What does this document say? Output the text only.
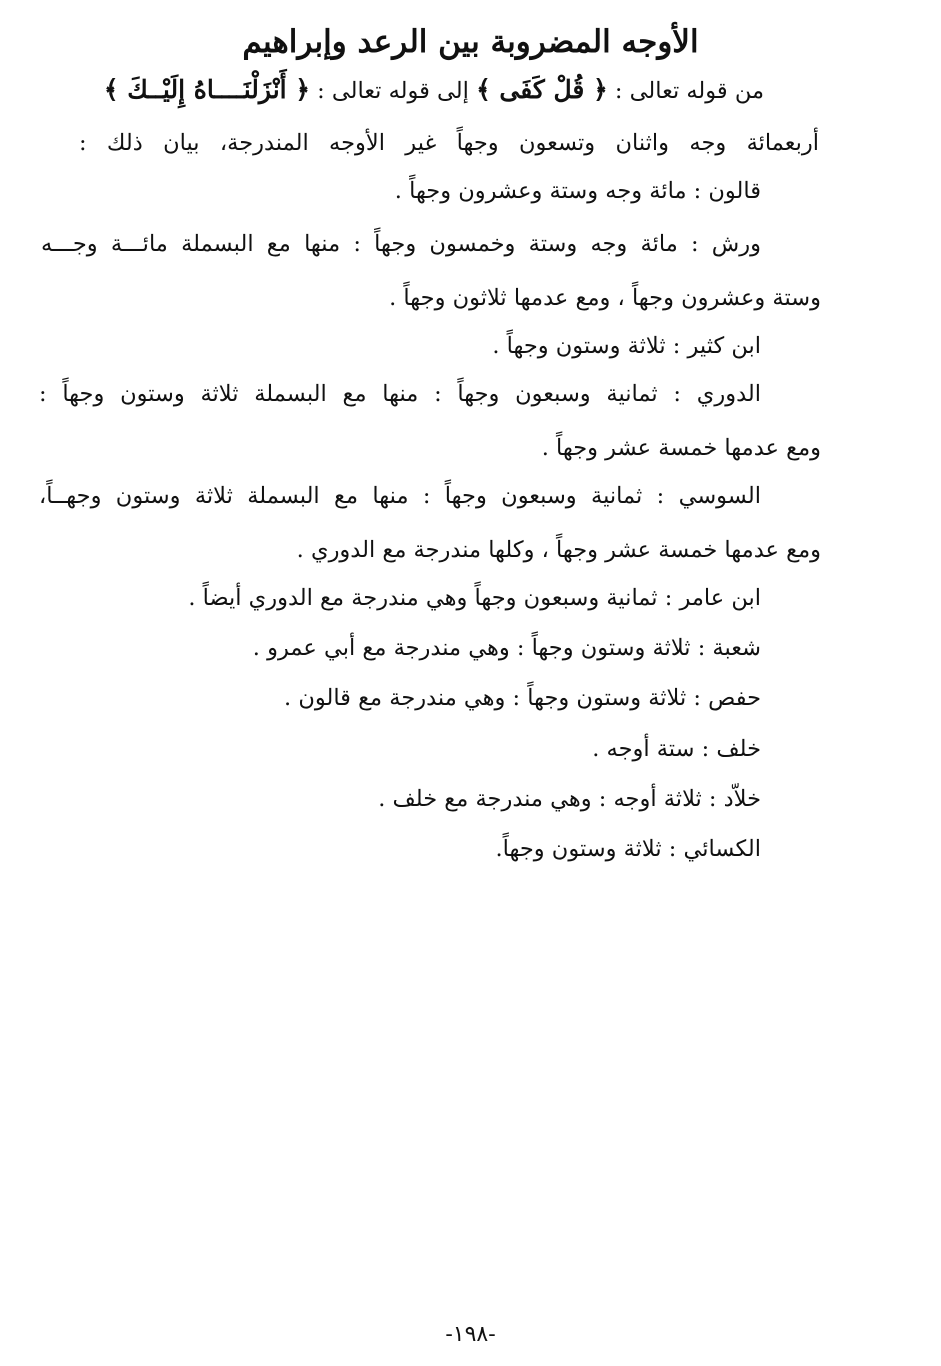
الأوجه المضروبة بين الرعد وإبراهيم

من قوله تعالى : ﴿ قُلْ كَفَى ﴾ إلى قوله تعالى : ﴿ أَنْزَلْنَــــاهُ إِلَيْــكَ ﴾

أربعمائة وجه واثنان وتسعون وجهاً غير الأوجه المندرجة، بيان ذلك :

قالون : مائة وجه وستة وعشرون وجهاً .

ورش : مائة وجه وستة وخمسون وجهاً : منها مع البسملة مائـــة وجـــه

وستة وعشرون وجهاً ، ومع عدمها ثلاثون وجهاً .

ابن كثير : ثلاثة وستون وجهاً .

الدوري : ثمانية وسبعون وجهاً : منها مع البسملة ثلاثة وستون وجهاً :

ومع عدمها خمسة عشر وجهاً .

السوسي : ثمانية وسبعون وجهاً : منها مع البسملة ثلاثة وستون وجهــاً،

ومع عدمها خمسة عشر وجهاً ، وكلها مندرجة مع الدوري .

ابن عامر : ثمانية وسبعون وجهاً وهي مندرجة مع الدوري أيضاً .

شعبة : ثلاثة وستون وجهاً : وهي مندرجة مع أبي عمرو .

حفص : ثلاثة وستون وجهاً : وهي مندرجة مع قالون .

خلف : ستة أوجه .

خلاّد : ثلاثة أوجه : وهي مندرجة مع خلف .

الكسائي : ثلاثة وستون وجهاً.

-١٩٨-
